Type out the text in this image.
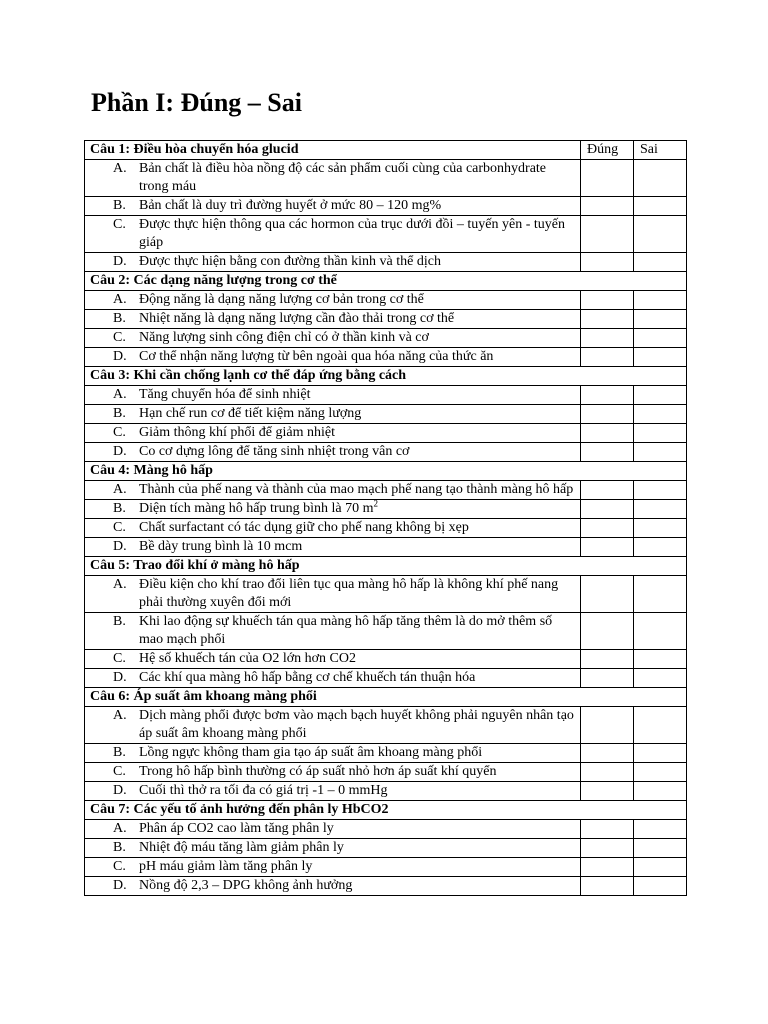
Phần I: Đúng – Sai
Câu 1: Điều hòa chuyển hóa glucid	Đúng	Sai

A. Bản chất là điều hòa nồng độ các sản phẩm cuối cùng của carbonhydrate trong máu		

B. Bản chất là duy trì đường huyết ở mức 80 – 120 mg%		

C. Được thực hiện thông qua các hormon của trục dưới đồi – tuyến yên - tuyến giáp		

D. Được thực hiện bằng con đường thần kinh và thể dịch		

Câu 2: Các dạng năng lượng trong cơ thể		

A. Động năng là dạng năng lượng cơ bản trong cơ thể		

B. Nhiệt năng là dạng năng lượng cần đào thải trong cơ thể		

C. Năng lượng sinh công điện chỉ có ở thần kinh và cơ		

D. Cơ thể nhận năng lượng từ bên ngoài qua hóa năng của thức ăn		

Câu 3: Khi cần chống lạnh cơ thể đáp ứng bằng cách		

A. Tăng chuyển hóa để sinh nhiệt		

B. Hạn chế run cơ để tiết kiệm năng lượng		

C. Giảm thông khí phổi để giảm nhiệt		

D. Co cơ dựng lông để tăng sinh nhiệt trong vân cơ		

Câu 4: Màng hô hấp		

A. Thành của phế nang và thành của mao mạch phế nang tạo thành màng hô hấp		

B. Diện tích màng hô hấp trung bình là 70 $m^2$

C. Chất surfactant có tác dụng giữ cho phế nang không bị xẹp		

D. Bề dày trung bình là 10 mcm		

Câu 5: Trao đổi khí ở màng hô hấp		

A. Điều kiện cho khí trao đổi liên tục qua màng hô hấp là không khí phế nang phải thường xuyên đổi mới		

B. Khi lao động sự khuếch tán qua màng hô hấp tăng thêm là do mở thêm số mao mạch phổi		

C. Hệ số khuếch tán của O2 lớn hơn CO2		

D. Các khí qua màng hô hấp bằng cơ chế khuếch tán thuận hóa		

Câu 6: Áp suất âm khoang màng phổi		

A. Dịch màng phổi được bơm vào mạch bạch huyết không phải nguyên nhân tạo áp suất âm khoang màng phổi		

B. Lồng ngực không tham gia tạo áp suất âm khoang màng phổi		

C. Trong hô hấp bình thường có áp suất nhỏ hơn áp suất khí quyển		

D. Cuối thì thở ra tối đa có giá trị -1 – 0 mmHg		

Câu 7: Các yếu tố ảnh hưởng đến phân ly HbCO2		

A. Phân áp CO2 cao làm tăng phân ly		

B. Nhiệt độ máu tăng làm giảm phân ly		

C. pH máu giảm làm tăng phân ly		

D. Nồng độ 2,3 – DPG không ảnh hưởng		
